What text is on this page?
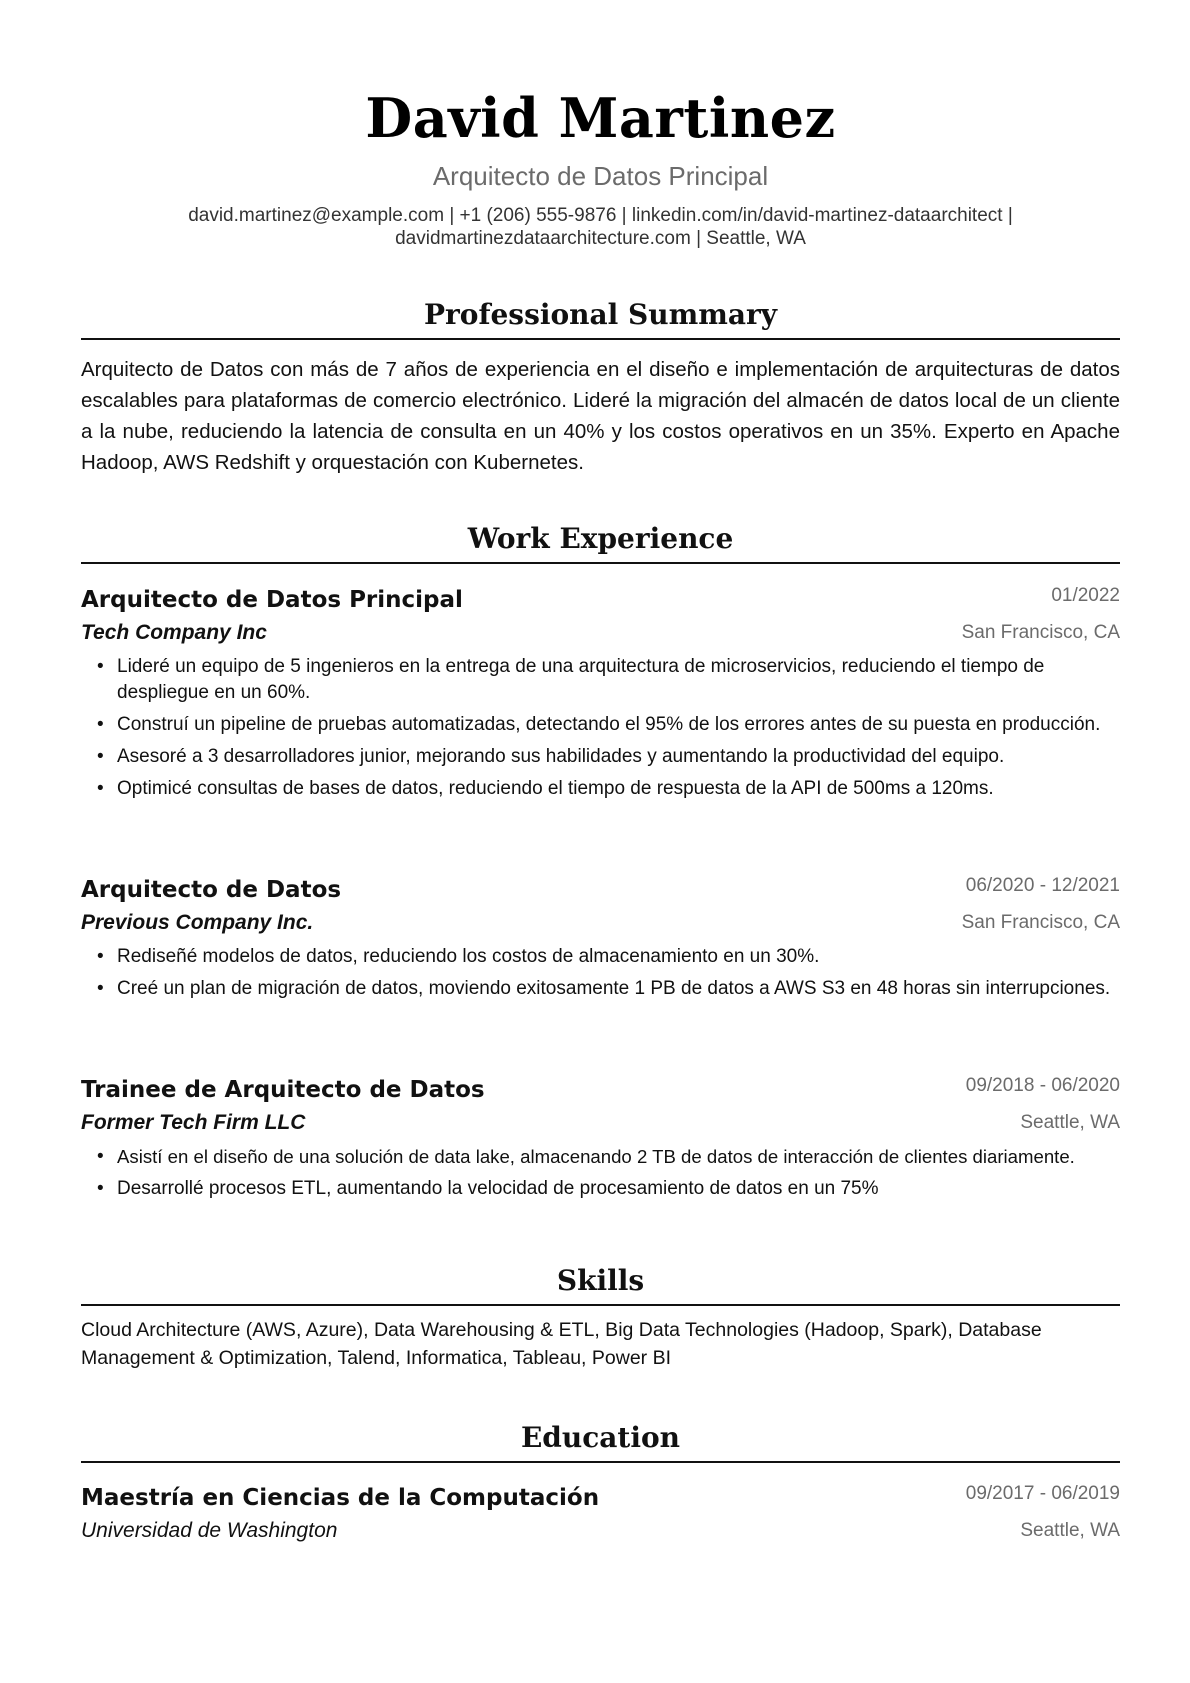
David Martinez
Arquitecto de Datos Principal
david.martinez@example.com | +1 (206) 555-9876 | linkedin.com/in/david-martinez-dataarchitect |
davidmartinezdataarchitecture.com | Seattle, WA
Professional Summary
Arquitecto de Datos con más de 7 años de experiencia en el diseño e implementación de arquitecturas de datos escalables para plataformas de comercio electrónico. Lideré la migración del almacén de datos local de un cliente a la nube, reduciendo la latencia de consulta en un 40% y los costos operativos en un 35%. Experto en Apache Hadoop, AWS Redshift y orquestación con Kubernetes.
Work Experience
Arquitecto de Datos Principal	01/2022
Tech Company Inc	San Francisco, CA
• Lideré un equipo de 5 ingenieros en la entrega de una arquitectura de microservicios, reduciendo el tiempo de despliegue en un 60%.
• Construí un pipeline de pruebas automatizadas, detectando el 95% de los errores antes de su puesta en producción.
• Asesoré a 3 desarrolladores junior, mejorando sus habilidades y aumentando la productividad del equipo.
• Optimicé consultas de bases de datos, reduciendo el tiempo de respuesta de la API de 500ms a 120ms.
Arquitecto de Datos	06/2020 - 12/2021
Previous Company Inc.	San Francisco, CA
• Rediseñé modelos de datos, reduciendo los costos de almacenamiento en un 30%.
• Creé un plan de migración de datos, moviendo exitosamente 1 PB de datos a AWS S3 en 48 horas sin interrupciones.
Trainee de Arquitecto de Datos	09/2018 - 06/2020
Former Tech Firm LLC	Seattle, WA
• Asistí en el diseño de una solución de data lake, almacenando 2 TB de datos de interacción de clientes diariamente.
• Desarrollé procesos ETL, aumentando la velocidad de procesamiento de datos en un 75%
Skills
Cloud Architecture (AWS, Azure), Data Warehousing & ETL, Big Data Technologies (Hadoop, Spark), Database Management & Optimization, Talend, Informatica, Tableau, Power BI
Education
Maestría en Ciencias de la Computación	09/2017 - 06/2019
Universidad de Washington	Seattle, WA
